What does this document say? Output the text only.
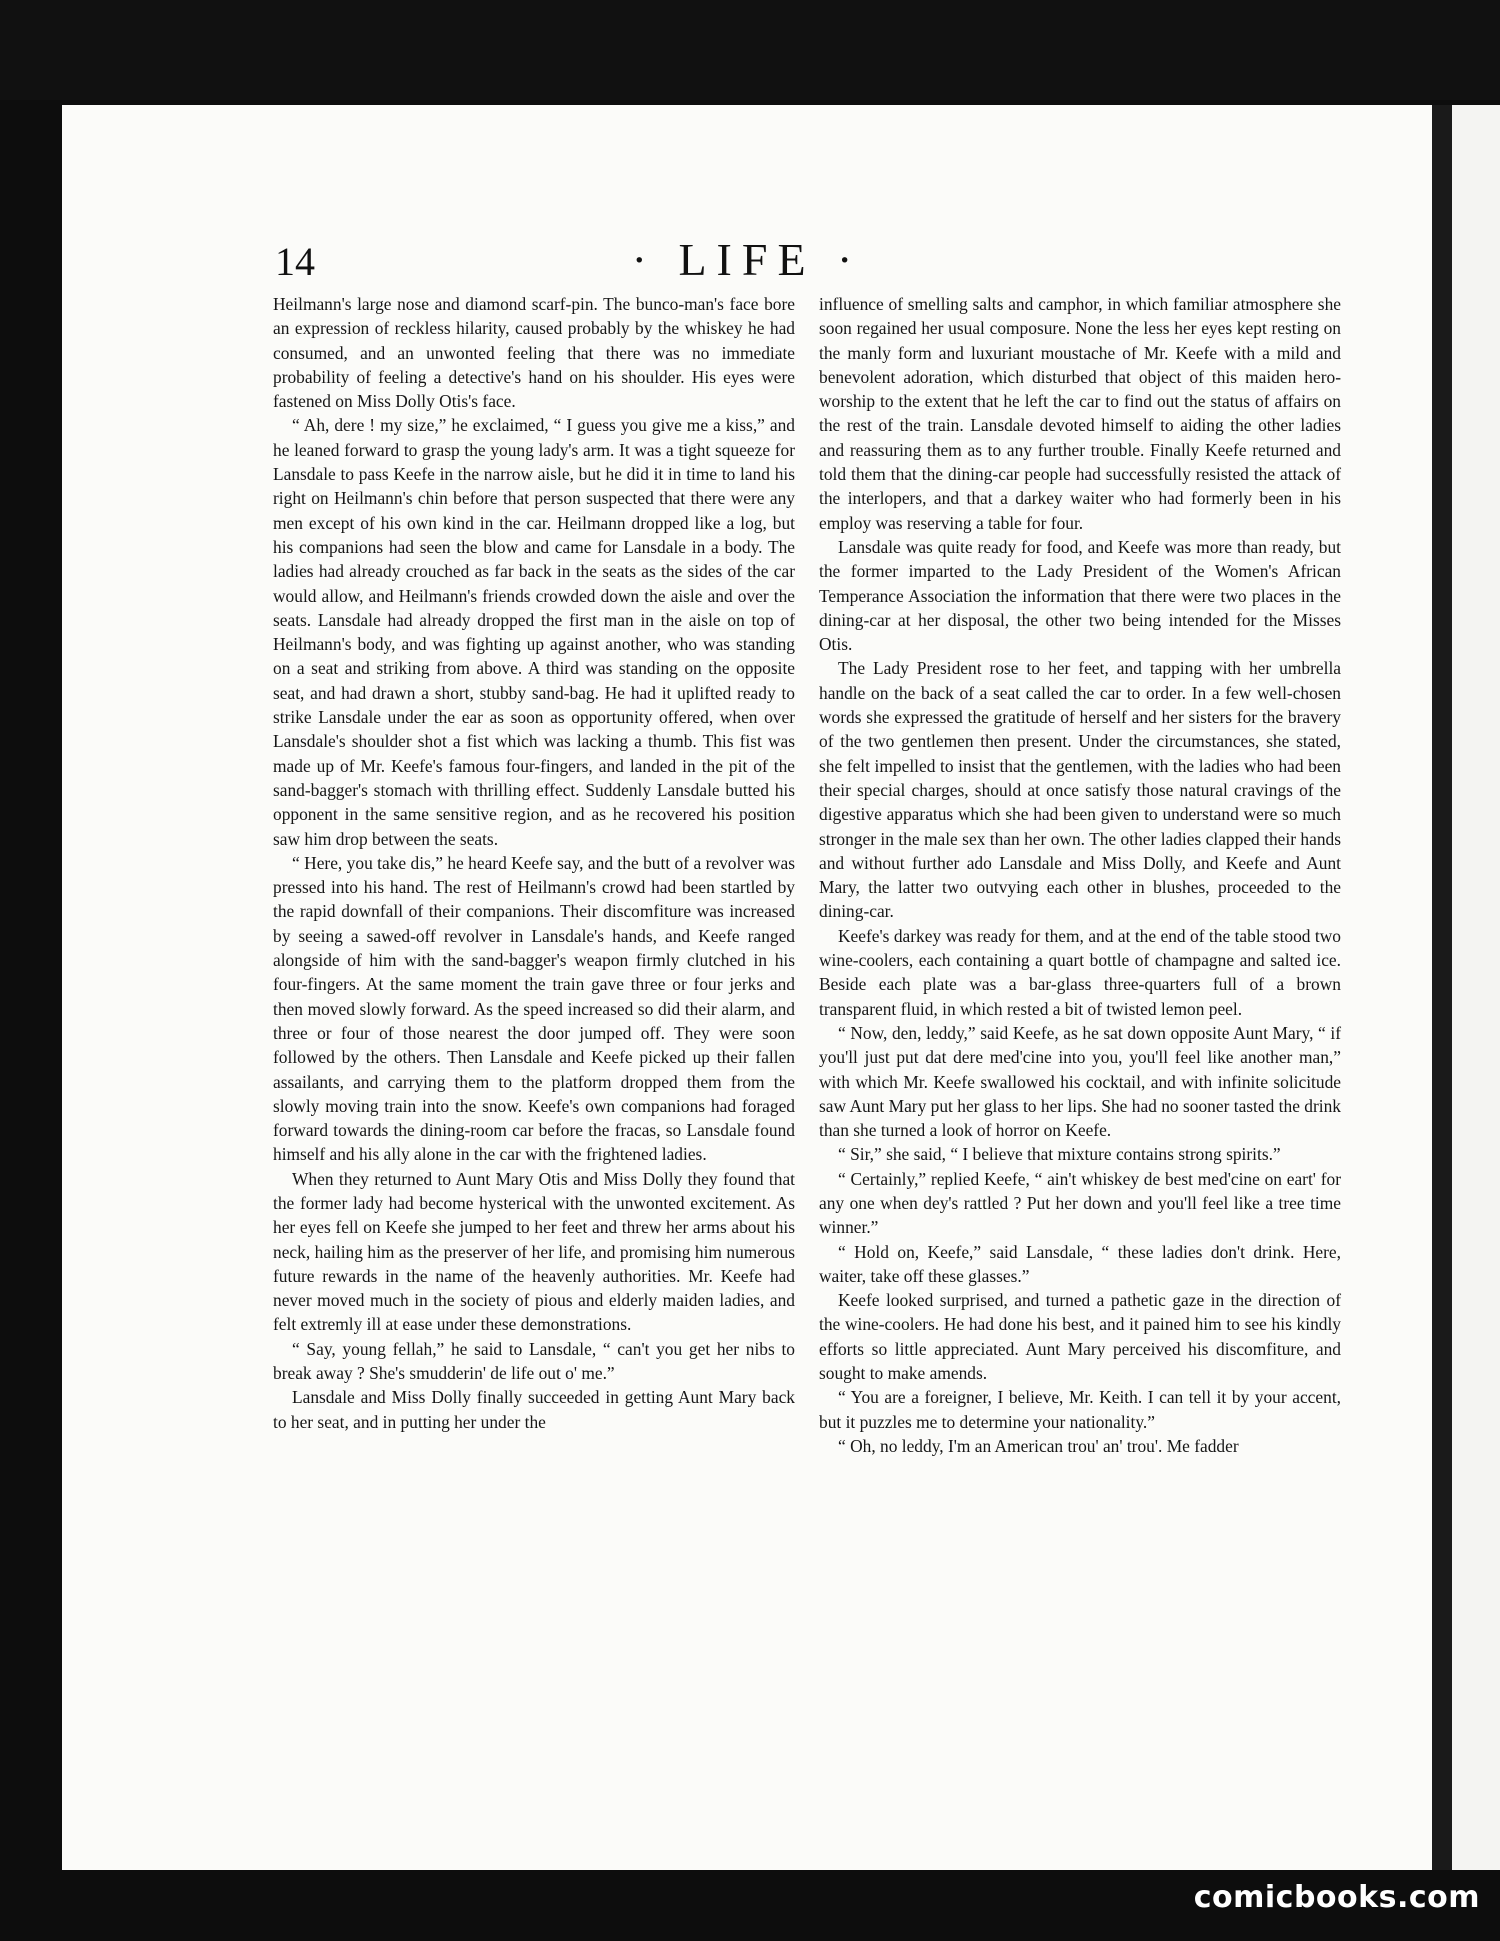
14	· LIFE ·

Heilmann's large nose and diamond scarf-pin. The bunco-man's face bore an expression of reckless hilarity, caused probably by the whiskey he had consumed, and an unwonted feeling that there was no immediate probability of feeling a detective's hand on his shoulder. His eyes were fastened on Miss Dolly Otis's face.

“ Ah, dere ! my size,” he exclaimed, “ I guess you give me a kiss,” and he leaned forward to grasp the young lady's arm. It was a tight squeeze for Lansdale to pass Keefe in the narrow aisle, but he did it in time to land his right on Heilmann's chin before that person suspected that there were any men except of his own kind in the car. Heilmann dropped like a log, but his companions had seen the blow and came for Lansdale in a body. The ladies had already crouched as far back in the seats as the sides of the car would allow, and Heilmann's friends crowded down the aisle and over the seats. Lansdale had already dropped the first man in the aisle on top of Heilmann's body, and was fighting up against another, who was standing on a seat and striking from above. A third was standing on the opposite seat, and had drawn a short, stubby sand-bag. He had it uplifted ready to strike Lansdale under the ear as soon as opportunity offered, when over Lansdale's shoulder shot a fist which was lacking a thumb. This fist was made up of Mr. Keefe's famous four-fingers, and landed in the pit of the sand-bagger's stomach with thrilling effect. Suddenly Lansdale butted his opponent in the same sensitive region, and as he recovered his position saw him drop between the seats.

“ Here, you take dis,” he heard Keefe say, and the butt of a revolver was pressed into his hand. The rest of Heilmann's crowd had been startled by the rapid downfall of their companions. Their discomfiture was increased by seeing a sawed-off revolver in Lansdale's hands, and Keefe ranged alongside of him with the sand-bagger's weapon firmly clutched in his four-fingers. At the same moment the train gave three or four jerks and then moved slowly forward. As the speed increased so did their alarm, and three or four of those nearest the door jumped off. They were soon followed by the others. Then Lansdale and Keefe picked up their fallen assailants, and carrying them to the platform dropped them from the slowly moving train into the snow. Keefe's own companions had foraged forward towards the dining-room car before the fracas, so Lansdale found himself and his ally alone in the car with the frightened ladies.

When they returned to Aunt Mary Otis and Miss Dolly they found that the former lady had become hysterical with the unwonted excitement. As her eyes fell on Keefe she jumped to her feet and threw her arms about his neck, hailing him as the preserver of her life, and promising him numerous future rewards in the name of the heavenly authorities. Mr. Keefe had never moved much in the society of pious and elderly maiden ladies, and felt extremly ill at ease under these demonstrations.

“ Say, young fellah,” he said to Lansdale, “ can't you get her nibs to break away ? She's smudderin' de life out o' me.”

Lansdale and Miss Dolly finally succeeded in getting Aunt Mary back to her seat, and in putting her under the

influence of smelling salts and camphor, in which familiar atmosphere she soon regained her usual composure. None the less her eyes kept resting on the manly form and luxuriant moustache of Mr. Keefe with a mild and benevolent adoration, which disturbed that object of this maiden hero-worship to the extent that he left the car to find out the status of affairs on the rest of the train. Lansdale devoted himself to aiding the other ladies and reassuring them as to any further trouble. Finally Keefe returned and told them that the dining-car people had successfully resisted the attack of the interlopers, and that a darkey waiter who had formerly been in his employ was reserving a table for four.

Lansdale was quite ready for food, and Keefe was more than ready, but the former imparted to the Lady President of the Women's African Temperance Association the information that there were two places in the dining-car at her disposal, the other two being intended for the Misses Otis.

The Lady President rose to her feet, and tapping with her umbrella handle on the back of a seat called the car to order. In a few well-chosen words she expressed the gratitude of herself and her sisters for the bravery of the two gentlemen then present. Under the circumstances, she stated, she felt impelled to insist that the gentlemen, with the ladies who had been their special charges, should at once satisfy those natural cravings of the digestive apparatus which she had been given to understand were so much stronger in the male sex than her own. The other ladies clapped their hands and without further ado Lansdale and Miss Dolly, and Keefe and Aunt Mary, the latter two outvying each other in blushes, proceeded to the dining-car.

Keefe's darkey was ready for them, and at the end of the table stood two wine-coolers, each containing a quart bottle of champagne and salted ice. Beside each plate was a bar-glass three-quarters full of a brown transparent fluid, in which rested a bit of twisted lemon peel.

“ Now, den, leddy,” said Keefe, as he sat down opposite Aunt Mary, “ if you'll just put dat dere med'cine into you, you'll feel like another man,” with which Mr. Keefe swallowed his cocktail, and with infinite solicitude saw Aunt Mary put her glass to her lips. She had no sooner tasted the drink than she turned a look of horror on Keefe.

“ Sir,” she said, “ I believe that mixture contains strong spirits.”

“ Certainly,” replied Keefe, “ ain't whiskey de best med'cine on eart' for any one when dey's rattled ? Put her down and you'll feel like a tree time winner.”

“ Hold on, Keefe,” said Lansdale, “ these ladies don't drink. Here, waiter, take off these glasses.”

Keefe looked surprised, and turned a pathetic gaze in the direction of the wine-coolers. He had done his best, and it pained him to see his kindly efforts so little appreciated. Aunt Mary perceived his discomfiture, and sought to make amends.

“ You are a foreigner, I believe, Mr. Keith. I can tell it by your accent, but it puzzles me to determine your nationality.”

“ Oh, no leddy, I'm an American trou' an' trou'. Me fadder

comicbooks.com
